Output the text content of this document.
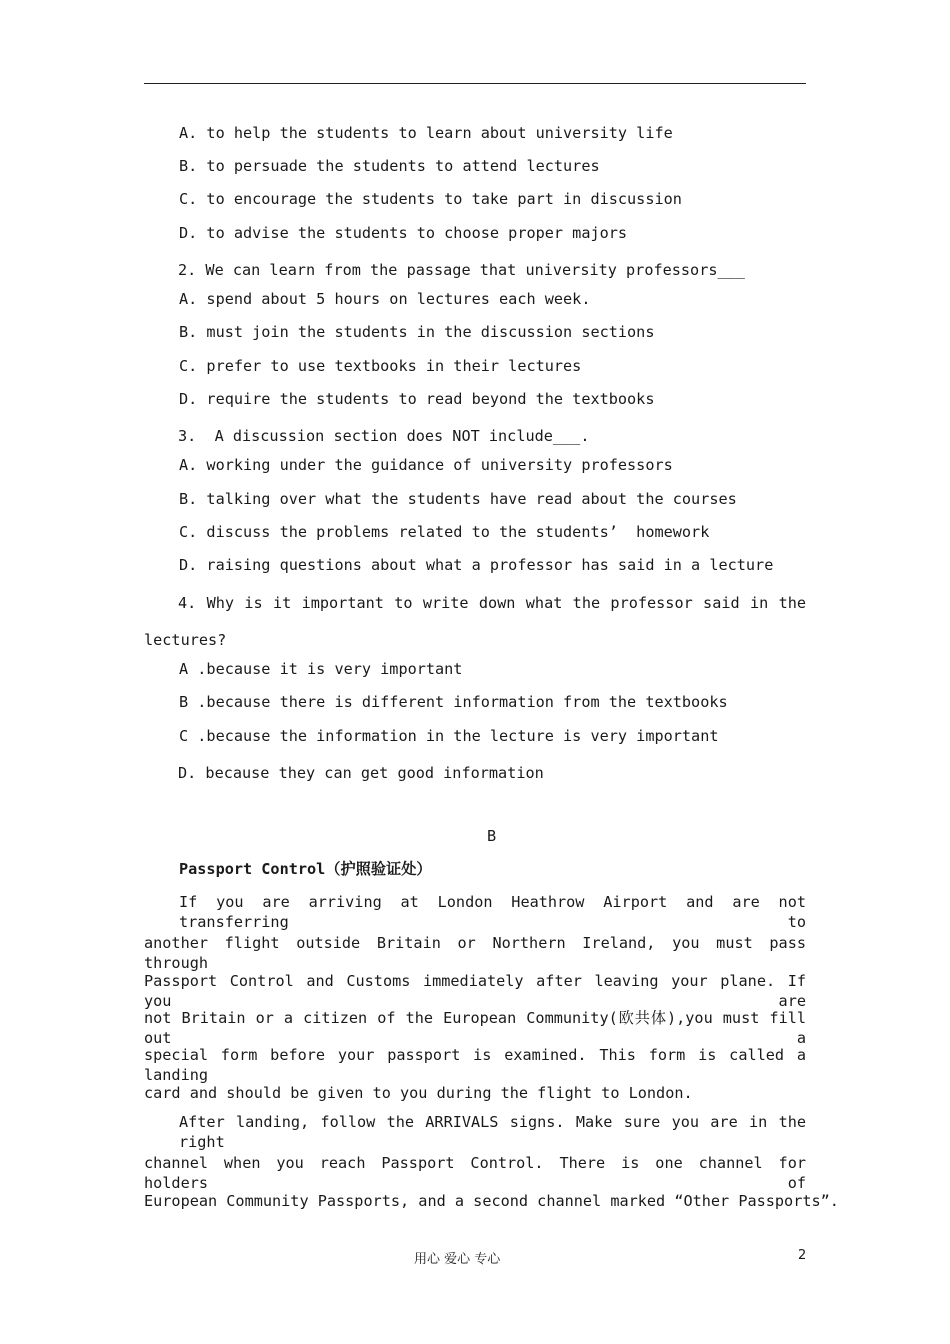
A. to help the students to learn about university life
B. to persuade the students to attend lectures
C. to encourage the students to take part in discussion
D. to advise the students to choose proper majors
2. We can learn from the passage that university professors___
A. spend about 5 hours on lectures each week.
B. must join the students in the discussion sections
C. prefer to use textbooks in their lectures
D. require the students to read beyond the textbooks
3.  A discussion section does NOT include___.
A. working under the guidance of university professors
B. talking over what the students have read about the courses
C. discuss the problems related to the students’  homework
D. raising questions about what a professor has said in a lecture
4. Why is it important to write down what the professor said in the
lectures?
A .because it is very important
B .because there is different information from the textbooks
C .because the information in the lecture is very important
D. because they can get good information
B
Passport Control（护照验证处）
If you are arriving at London Heathrow Airport and are not transferring to
another flight outside Britain or Northern Ireland, you must pass through
Passport Control and Customs immediately after leaving your plane. If you are
not Britain or a citizen of the European Community(欧共体),you must fill out a
special form before your passport is examined. This form is called a landing
card and should be given to you during the flight to London.
After landing, follow the ARRIVALS signs. Make sure you are in the right
channel when you reach Passport Control. There is one channel for holders of
European Community Passports, and a second channel marked “Other Passports”.
用心 爱心 专心	2
